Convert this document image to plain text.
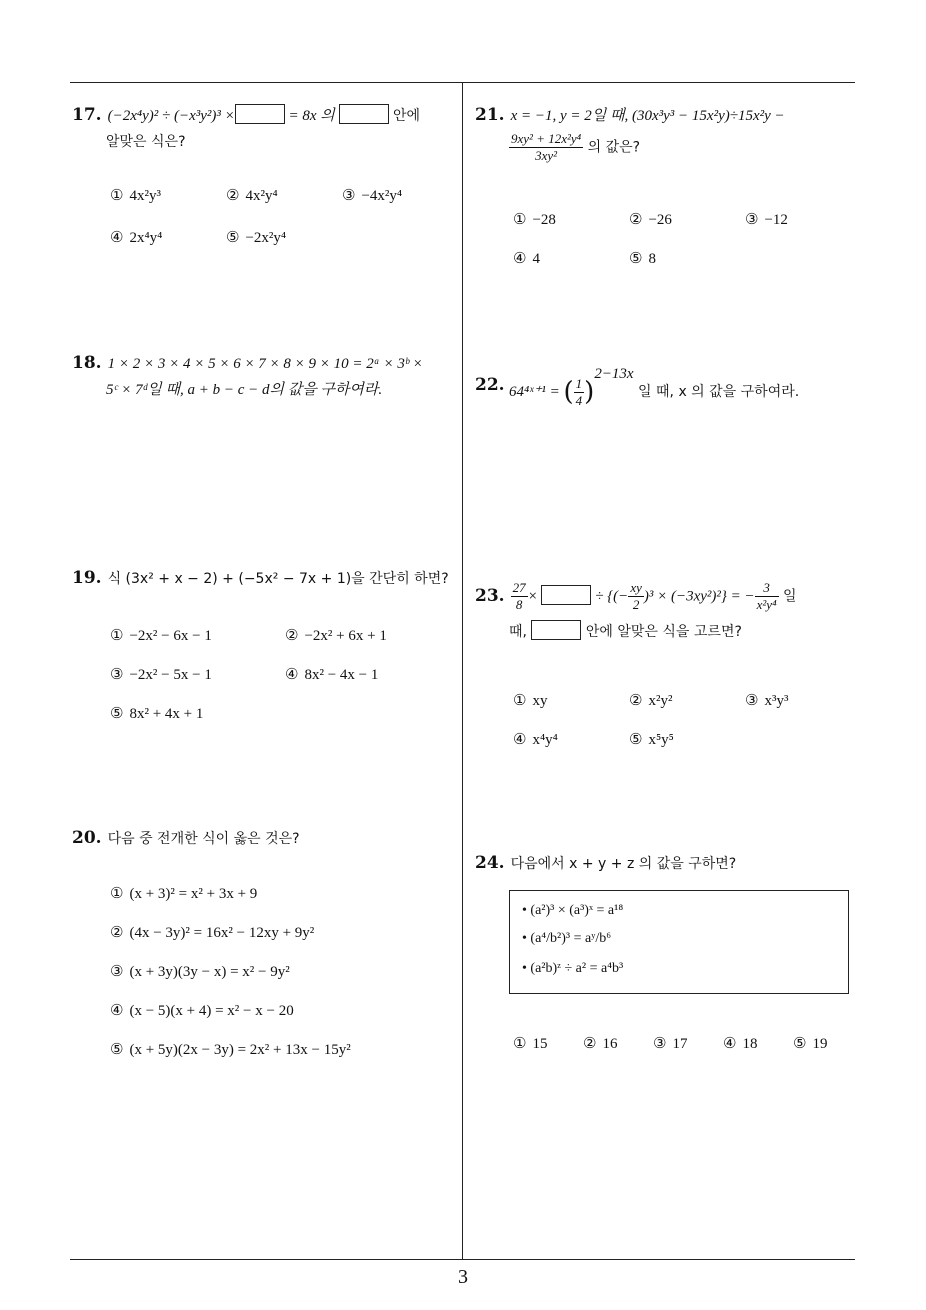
3
17. (−2x⁴y)² ÷ (−x³y²)³ ×	= 8x 의	안에
알맞은 식은?
① 4x²y³	② 4x²y⁴	③ −4x²y⁴
④ 2x⁴y⁴	⑤ −2x²y⁴
18. 1 × 2 × 3 × 4 × 5 × 6 × 7 × 8 × 9 × 10 = 2ᵃ × 3ᵇ ×
5ᶜ × 7ᵈ일 때, a + b − c − d의 값을 구하여라.
19. 식 (3x² + x − 2) + (−5x² − 7x + 1)을 간단히 하면?
① −2x² − 6x − 1	② −2x² + 6x + 1
③ −2x² − 5x − 1	④ 8x² − 4x − 1
⑤ 8x² + 4x + 1
20. 다음 중 전개한 식이 옳은 것은?
① (x + 3)² = x² + 3x + 9
② (4x − 3y)² = 16x² − 12xy + 9y²
③ (x + 3y)(3y − x) = x² − 9y²
④ (x − 5)(x + 4) = x² − x − 20
⑤ (x + 5y)(2x − 3y) = 2x² + 13x − 15y²
21. x = −1, y = 2일 때, (30x³y³ − 15x²y)÷15x²y −
$\frac{\text{9xy² + 12x²y⁴}}{\text{3xy²}}$ 의 값은?
① −28	② −26	③ −12
④ 4	⑤ 8
22. 64⁴ˣ⁺¹ = ( $\frac{1}{4} )^{2-13x}$ 일 때, x 의 값을 구하여라.
23. $\frac{27}{8}$ ×	÷ {(− $\frac{xy}{2} )^3 \times (-3xy^2)^2$} = − $\frac{3}{\text{x²y⁴}}$ 일
때,	안에 알맞은 식을 고르면?
① xy	② x²y²	③ x³y³
④ x⁴y⁴	⑤ x⁵y⁵
24. 다음에서 x + y + z 의 값을 구하면?
• (a²)³ × (a³)ˣ = a¹⁸
• (a⁴/b²)³ = aʸ/b⁶
• (a²b)ᶻ ÷ a² = a⁴b³
① 15 ② 16 ③ 17 ④ 18 ⑤ 19
